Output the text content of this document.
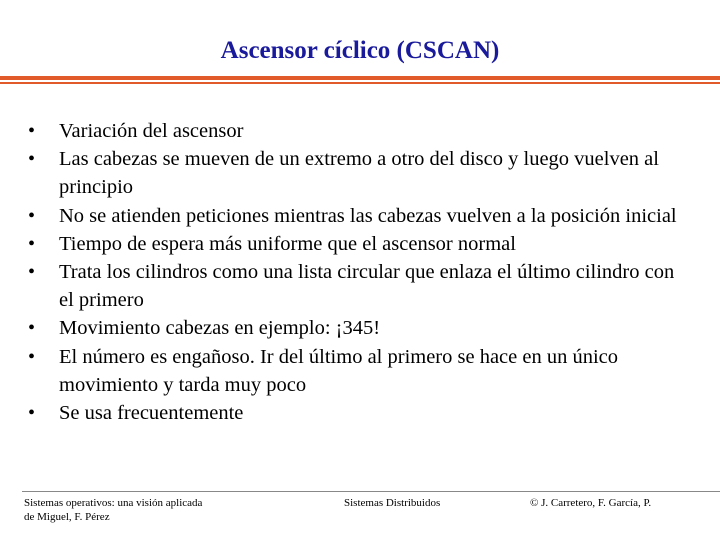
Ascensor cíclico (CSCAN)
•	Variación del ascensor
•	Las cabezas se mueven de un extremo a otro del disco y luego vuelven al principio
•	No se atienden peticiones mientras las cabezas vuelven a la posición inicial
•	Tiempo de espera más uniforme que el ascensor normal
•	Trata los cilindros como una lista circular que enlaza el último cilindro con el primero
•	Movimiento cabezas en ejemplo: ¡345!
•	El número es engañoso. Ir del último al primero se hace en un único movimiento y tarda muy poco
•	Se usa frecuentemente
Sistemas operativos: una visión aplicada
de Miguel, F. Pérez
Sistemas Distribuidos	© J. Carretero, F. García, P.
